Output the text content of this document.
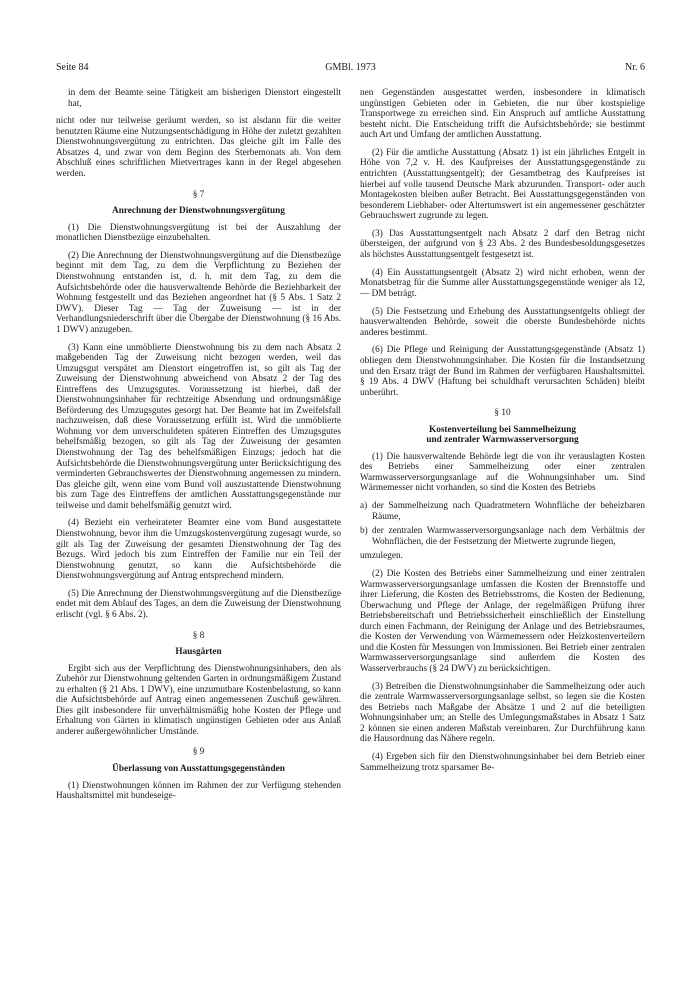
Seite 84	GMBl. 1973	Nr. 6

in dem der Beamte seine Tätigkeit am bisherigen Dienstort eingestellt hat,

nicht oder nur teilweise geräumt werden, so ist alsdann für die weiter benutzten Räume eine Nutzungsentschädigung in Höhe der zuletzt gezahlten Dienstwohnungsvergütung zu entrichten. Das gleiche gilt im Falle des Absatzes 4, und zwar von dem Beginn des Sterbemonats ab. Von dem Abschluß eines schriftlichen Mietvertrages kann in der Regel abgesehen werden.

§ 7
Anrechnung der Dienstwohnungsvergütung

(1) Die Dienstwohnungsvergütung ist bei der Auszahlung der monatlichen Dienstbezüge einzubehalten.

(2) Die Anrechnung der Dienstwohnungsvergütung auf die Dienstbezüge beginnt mit dem Tag, zu dem die Verpflichtung zu Beziehen der Dienstwohnung entstanden ist, d. h. mit dem Tag, zu dem die Aufsichtsbehörde oder die hausverwaltende Behörde die Beziehbarkeit der Wohnung festgestellt und das Beziehen angeordnet hat (§ 5 Abs. 1 Satz 2 DWV). Dieser Tag — Tag der Zuweisung — ist in der Verhandlungsniederschrift über die Übergabe der Dienstwohnung (§ 16 Abs. 1 DWV) anzugeben.

(3) Kann eine unmöblierte Dienstwohnung bis zu dem nach Absatz 2 maßgebenden Tag der Zuweisung nicht bezogen werden, weil das Umzugsgut verspätet am Dienstort eingetroffen ist, so gilt als Tag der Zuweisung der Dienstwohnung abweichend von Absatz 2 der Tag des Eintreffens des Umzugsgutes. Voraussetzung ist hierbei, daß der Dienstwohnungsinhaber für rechtzeitige Absendung und ordnungsmäßige Beförderung des Umzugsgutes gesorgt hat. Der Beamte hat im Zweifelsfall nachzuweisen, daß diese Voraussetzung erfüllt ist. Wird die unmöblierte Wohnung vor dem unverschuldeten späteren Eintreffen des Umzugsgutes behelfsmäßig bezogen, so gilt als Tag der Zuweisung der gesamten Dienstwohnung der Tag des behelfsmäßigen Einzugs; jedoch hat die Aufsichtsbehörde die Dienstwohnungsvergütung unter Berücksichtigung des verminderten Gebrauchswertes der Dienstwohnung angemessen zu mindern. Das gleiche gilt, wenn eine vom Bund voll auszustattende Dienstwohnung bis zum Tage des Eintreffens der amtlichen Ausstattungsgegenstände nur teilweise und damit behelfsmäßig genutzt wird.

(4) Bezieht ein verheirateter Beamter eine vom Bund ausgestattete Dienstwohnung, bevor ihm die Umzugskostenvergütung zugesagt wurde, so gilt als Tag der Zuweisung der gesamten Dienstwohnung der Tag des Bezugs. Wird jedoch bis zum Eintreffen der Familie nur ein Teil der Dienstwohnung genutzt, so kann die Aufsichtsbehörde die Dienstwohnungsvergütung auf Antrag entsprechend mindern.

(5) Die Anrechnung der Dienstwohnungsvergütung auf die Dienstbezüge endet mit dem Ablauf des Tages, an dem die Zuweisung der Dienstwohnung erlischt (vgl. § 6 Abs. 2).

§ 8
Hausgärten

Ergibt sich aus der Verpflichtung des Dienstwohnungsinhabers, den als Zubehör zur Dienstwohnung geltenden Garten in ordnungsmäßigem Zustand zu erhalten (§ 21 Abs. 1 DWV), eine unzumutbare Kostenbelastung, so kann die Aufsichtsbehörde auf Antrag einen angemessenen Zuschuß gewähren. Dies gilt insbesondere für unverhältnismäßig hohe Kosten der Pflege und Erhaltung von Gärten in klimatisch ungünstigen Gebieten oder aus Anlaß anderer außergewöhnlicher Umstände.

§ 9
Überlassung von Ausstattungsgegenständen

(1) Dienstwohnungen können im Rahmen der zur Verfügung stehenden Haushaltsmittel mit bundeseige-

nen Gegenständen ausgestattet werden, insbesondere in klimatisch ungünstigen Gebieten oder in Gebieten, die nur über kostspielige Transportwege zu erreichen sind. Ein Anspruch auf amtliche Ausstattung besteht nicht. Die Entscheidung trifft die Aufsichtsbehörde; sie bestimmt auch Art und Umfang der amtlichen Ausstattung.

(2) Für die amtliche Ausstattung (Absatz 1) ist ein jährliches Entgelt in Höhe von 7,2 v. H. des Kaufpreises der Ausstattungsgegenstände zu entrichten (Ausstattungsentgelt); der Gesamtbetrag des Kaufpreises ist hierbei auf volle tausend Deutsche Mark abzurunden. Transport- oder auch Montagekosten bleiben außer Betracht. Bei Ausstattungsgegenständen von besonderem Liebhaber- oder Altertumswert ist ein angemessener geschätzter Gebrauchswert zugrunde zu legen.

(3) Das Ausstattungsentgelt nach Absatz 2 darf den Betrag nicht übersteigen, der aufgrund von § 23 Abs. 2 des Bundesbesoldungsgesetzes als höchstes Ausstattungsentgelt festgesetzt ist.

(4) Ein Ausstattungsentgelt (Absatz 2) wird nicht erhoben, wenn der Monatsbetrag für die Summe aller Ausstattungsgegenstände weniger als 12,— DM beträgt.

(5) Die Festsetzung und Erhebung des Ausstattungsentgelts obliegt der hausverwaltenden Behörde, soweit die oberste Bundesbehörde nichts anderes bestimmt.

(6) Die Pflege und Reinigung der Ausstattungsgegenstände (Absatz 1) obliegen dem Dienstwohnungsinhaber. Die Kosten für die Instandsetzung und den Ersatz trägt der Bund im Rahmen der verfügbaren Haushaltsmittel. § 19 Abs. 4 DWV (Haftung bei schuldhaft verursachten Schäden) bleibt unberührt.

§ 10
Kostenverteilung bei Sammelheizung
und zentraler Warmwasserversorgung

(1) Die hausverwaltende Behörde legt die von ihr verauslagten Kosten des Betriebs einer Sammelheizung oder einer zentralen Warmwasserversorgungsanlage auf die Wohnungsinhaber um. Sind Wärmemesser nicht vorhanden, so sind die Kosten des Betriebs

a) der Sammelheizung nach Quadratmetern Wohnfläche der beheizbaren Räume,
b) der zentralen Warmwasserversorgungsanlage nach dem Verhältnis der Wohnflächen, die der Festsetzung der Mietwerte zugrunde liegen,

umzulegen.

(2) Die Kosten des Betriebs einer Sammelheizung und einer zentralen Warmwasserversorgungsanlage umfassen die Kosten der Brennstoffe und ihrer Lieferung, die Kosten des Betriebsstroms, die Kosten der Bedienung, Überwachung und Pflege der Anlage, der regelmäßigen Prüfung ihrer Betriebsbereitschaft und Betriebssicherheit einschließlich der Einstellung durch einen Fachmann, der Reinigung der Anlage und des Betriebsraumes, die Kosten der Verwendung von Wärmemessern oder Heizkostenverteilern und die Kosten für Messungen von Immissionen. Bei Betrieb einer zentralen Warmwasserversorgungsanlage sind außerdem die Kosten des Wasserverbrauchs (§ 24 DWV) zu berücksichtigen.

(3) Betreiben die Dienstwohnungsinhaber die Sammelheizung oder auch die zentrale Warmwasserversorgungsanlage selbst, so legen sie die Kosten des Betriebs nach Maßgabe der Absätze 1 und 2 auf die beteiligten Wohnungsinhaber um; an Stelle des Umlegungsmaßstabes in Absatz 1 Satz 2 können sie einen anderen Maßstab vereinbaren. Zur Durchführung kann die Hausordnung das Nähere regeln.

(4) Ergeben sich für den Dienstwohnungsinhaber bei dem Betrieb einer Sammelheizung trotz sparsamer Be-
